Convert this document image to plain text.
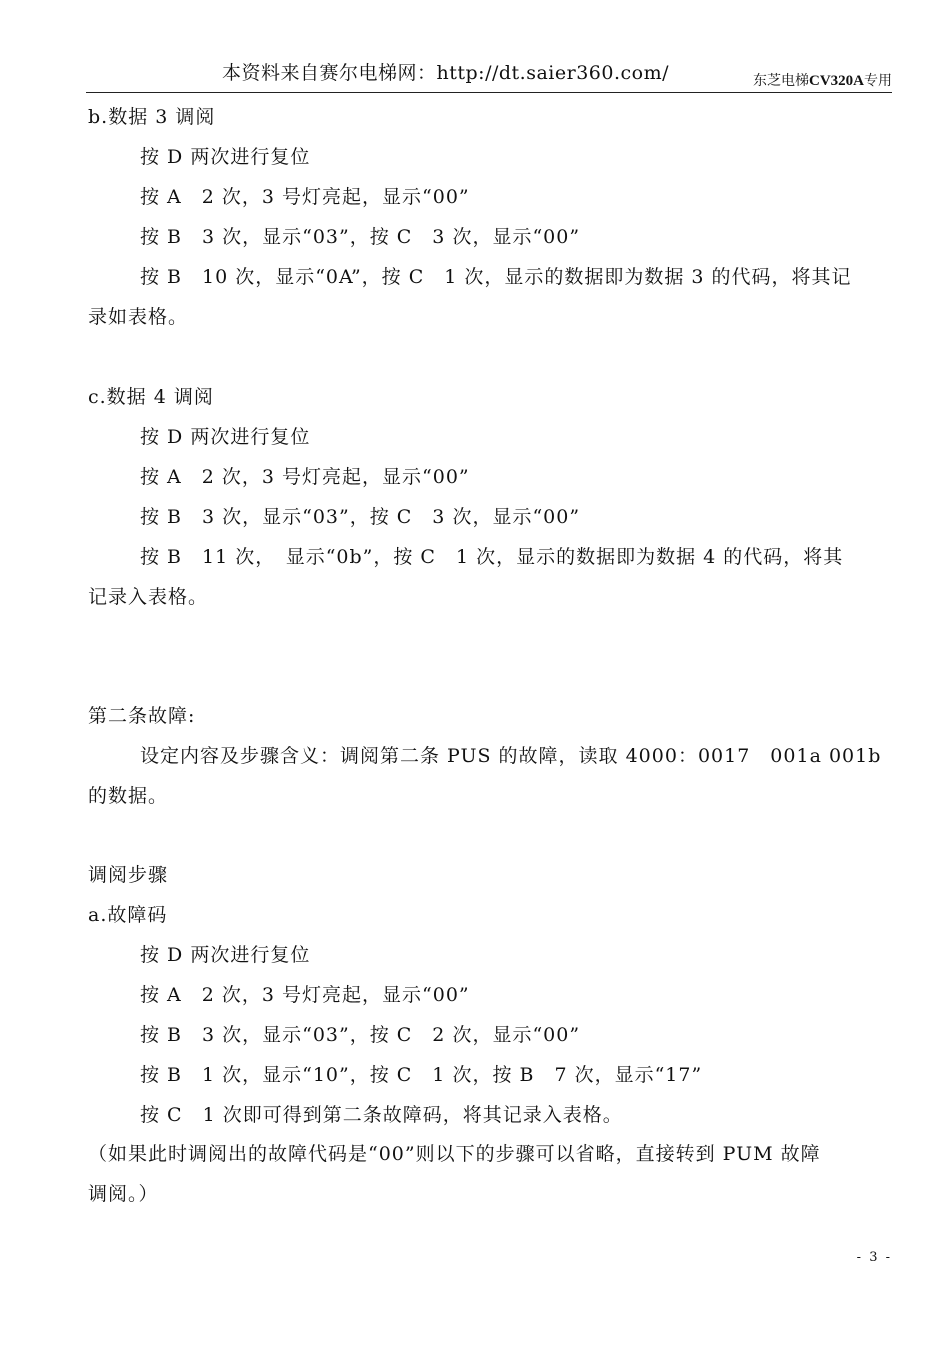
本资料来自赛尔电梯网：http://dt.saier360.com/	东芝电梯CV320A专用
b.数据 3 调阅
按 D 两次进行复位
按 A　2 次，3 号灯亮起，显示“00”
按 B　3 次，显示“03”，按 C　3 次，显示“00”
按 B　10 次，显示“0A”，按 C　1 次，显示的数据即为数据 3 的代码，将其记
录如表格。
c.数据 4 调阅
按 D 两次进行复位
按 A　2 次，3 号灯亮起，显示“00”
按 B　3 次，显示“03”，按 C　3 次，显示“00”
按 B　11 次，　显示“0b”，按 C　1 次，显示的数据即为数据 4 的代码，将其
记录入表格。
第二条故障:
设定内容及步骤含义：调阅第二条 PUS 的故障，读取 4000：0017　001a 001b
的数据。
调阅步骤
a.故障码
按 D 两次进行复位
按 A　2 次，3 号灯亮起，显示“00”
按 B　3 次，显示“03”，按 C　2 次，显示“00”
按 B　1 次，显示“10”，按 C　1 次，按 B　7 次，显示“17”
按 C　1 次即可得到第二条故障码，将其记录入表格。
（如果此时调阅出的故障代码是“00”则以下的步骤可以省略，直接转到 PUM 故障
调阅。）
- 3 -
